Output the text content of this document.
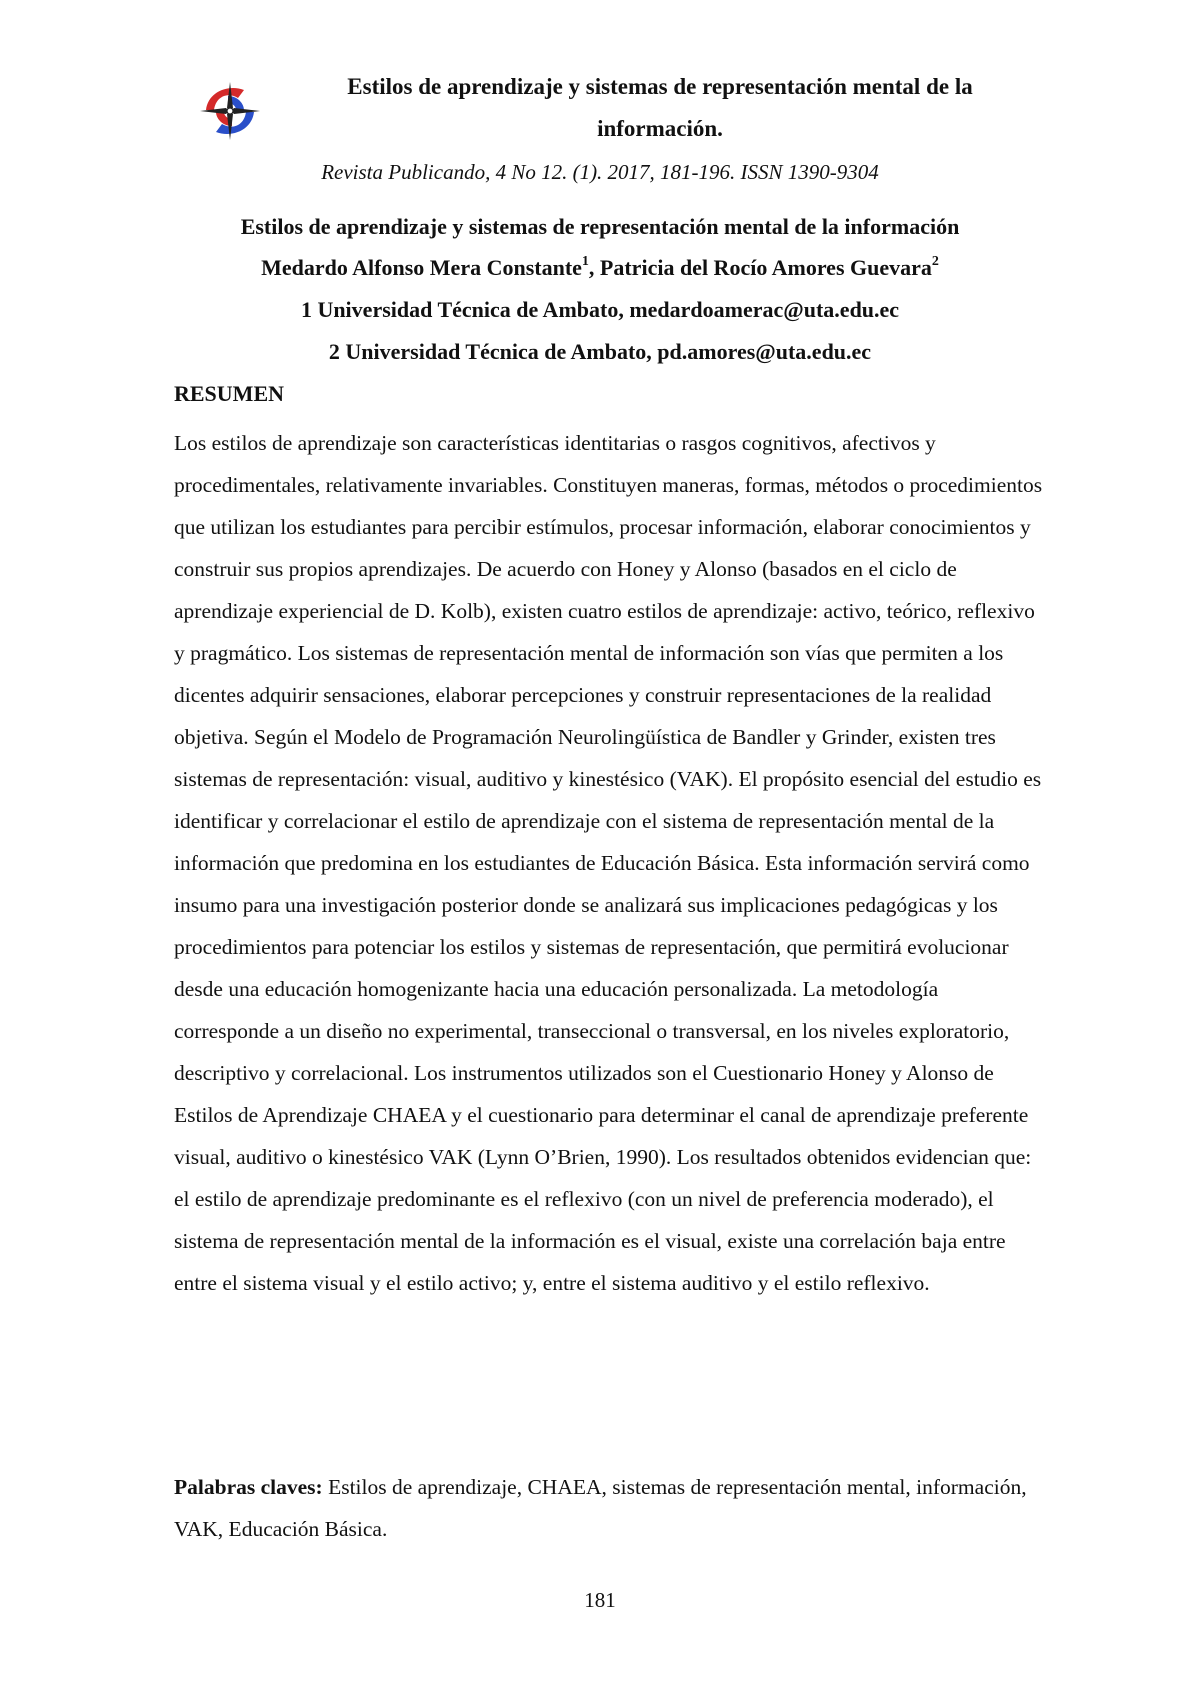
Estilos de aprendizaje y sistemas de representación mental de la
información.
Revista Publicando, 4 No 12. (1). 2017, 181-196. ISSN 1390-9304
Estilos de aprendizaje y sistemas de representación mental de la información
Medardo Alfonso Mera Constante$^1$, Patricia del Rocío Amores Guevara$^2$
1 Universidad Técnica de Ambato, medardoamerac@uta.edu.ec
2 Universidad Técnica de Ambato, pd.amores@uta.edu.ec
RESUMEN

Los estilos de aprendizaje son características identitarias o rasgos cognitivos, afectivos y procedimentales, relativamente invariables. Constituyen maneras, formas, métodos o procedimientos que utilizan los estudiantes para percibir estímulos, procesar información, elaborar conocimientos y construir sus propios aprendizajes. De acuerdo con Honey y Alonso (basados en el ciclo de aprendizaje experiencial de D. Kolb), existen cuatro estilos de aprendizaje: activo, teórico, reflexivo y pragmático. Los sistemas de representación mental de información son vías que permiten a los dicentes adquirir sensaciones, elaborar percepciones y construir representaciones de la realidad objetiva. Según el Modelo de Programación Neurolingüística de Bandler y Grinder, existen tres sistemas de representación: visual, auditivo y kinestésico (VAK). El propósito esencial del estudio es identificar y correlacionar el estilo de aprendizaje con el sistema de representación mental de la información que predomina en los estudiantes de Educación Básica. Esta información servirá como insumo para una investigación posterior donde se analizará sus implicaciones pedagógicas y los procedimientos para potenciar los estilos y sistemas de representación, que permitirá evolucionar desde una educación homogenizante hacia una educación personalizada. La metodología corresponde a un diseño no experimental, transeccional o transversal, en los niveles exploratorio, descriptivo y correlacional. Los instrumentos utilizados son el Cuestionario Honey y Alonso de Estilos de Aprendizaje CHAEA y el cuestionario para determinar el canal de aprendizaje preferente visual, auditivo o kinestésico VAK (Lynn O’Brien, 1990). Los resultados obtenidos evidencian que: el estilo de aprendizaje predominante es el reflexivo (con un nivel de preferencia moderado), el sistema de representación mental de la información es el visual, existe una correlación baja entre entre el sistema visual y el estilo activo; y, entre el sistema auditivo y el estilo reflexivo.

Palabras claves: Estilos de aprendizaje, CHAEA, sistemas de representación mental, información, VAK, Educación Básica.

181
